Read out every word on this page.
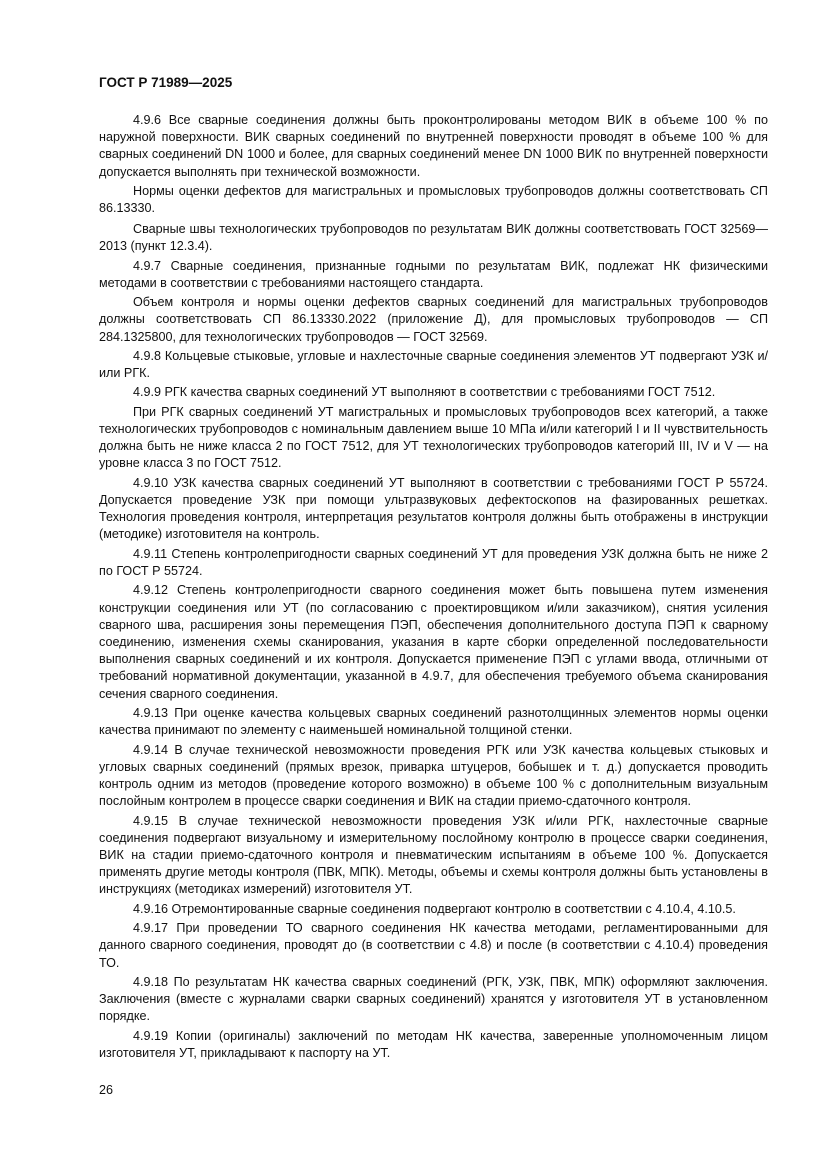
ГОСТ Р 71989—2025

4.9.6 Все сварные соединения должны быть проконтролированы методом ВИК в объеме 100 % по наружной поверхности. ВИК сварных соединений по внутренней поверхности проводят в объеме 100 % для сварных соединений DN 1000 и более, для сварных соединений менее DN 1000 ВИК по внутренней поверхности допускается выполнять при технической возможности.

Нормы оценки дефектов для магистральных и промысловых трубопроводов должны соответствовать СП 86.13330.

Сварные швы технологических трубопроводов по результатам ВИК должны соответствовать ГОСТ 32569—2013 (пункт 12.3.4).

4.9.7 Сварные соединения, признанные годными по результатам ВИК, подлежат НК физическими методами в соответствии с требованиями настоящего стандарта.

Объем контроля и нормы оценки дефектов сварных соединений для магистральных трубопроводов должны соответствовать СП 86.13330.2022 (приложение Д), для промысловых трубопроводов — СП 284.1325800, для технологических трубопроводов — ГОСТ 32569.

4.9.8 Кольцевые стыковые, угловые и нахлесточные сварные соединения элементов УТ подвергают УЗК и/или РГК.

4.9.9 РГК качества сварных соединений УТ выполняют в соответствии с требованиями ГОСТ 7512.

При РГК сварных соединений УТ магистральных и промысловых трубопроводов всех категорий, а также технологических трубопроводов с номинальным давлением выше 10 МПа и/или категорий I и II чувствительность должна быть не ниже класса 2 по ГОСТ 7512, для УТ технологических трубопроводов категорий III, IV и V — на уровне класса 3 по ГОСТ 7512.

4.9.10 УЗК качества сварных соединений УТ выполняют в соответствии с требованиями ГОСТ Р 55724. Допускается проведение УЗК при помощи ультразвуковых дефектоскопов на фазированных решетках. Технология проведения контроля, интерпретация результатов контроля должны быть отображены в инструкции (методике) изготовителя на контроль.

4.9.11 Степень контролепригодности сварных соединений УТ для проведения УЗК должна быть не ниже 2 по ГОСТ Р 55724.

4.9.12 Степень контролепригодности сварного соединения может быть повышена путем изменения конструкции соединения или УТ (по согласованию с проектировщиком и/или заказчиком), снятия усиления сварного шва, расширения зоны перемещения ПЭП, обеспечения дополнительного доступа ПЭП к сварному соединению, изменения схемы сканирования, указания в карте сборки определенной последовательности выполнения сварных соединений и их контроля. Допускается применение ПЭП с углами ввода, отличными от требований нормативной документации, указанной в 4.9.7, для обеспечения требуемого объема сканирования сечения сварного соединения.

4.9.13 При оценке качества кольцевых сварных соединений разнотолщинных элементов нормы оценки качества принимают по элементу с наименьшей номинальной толщиной стенки.

4.9.14 В случае технической невозможности проведения РГК или УЗК качества кольцевых стыковых и угловых сварных соединений (прямых врезок, приварка штуцеров, бобышек и т. д.) допускается проводить контроль одним из методов (проведение которого возможно) в объеме 100 % с дополнительным визуальным послойным контролем в процессе сварки соединения и ВИК на стадии приемо-сдаточного контроля.

4.9.15 В случае технической невозможности проведения УЗК и/или РГК, нахлесточные сварные соединения подвергают визуальному и измерительному послойному контролю в процессе сварки соединения, ВИК на стадии приемо-сдаточного контроля и пневматическим испытаниям в объеме 100 %. Допускается применять другие методы контроля (ПВК, МПК). Методы, объемы и схемы контроля должны быть установлены в инструкциях (методиках измерений) изготовителя УТ.

4.9.16 Отремонтированные сварные соединения подвергают контролю в соответствии с 4.10.4, 4.10.5.

4.9.17 При проведении ТО сварного соединения НК качества методами, регламентированными для данного сварного соединения, проводят до (в соответствии с 4.8) и после (в соответствии с 4.10.4) проведения ТО.

4.9.18 По результатам НК качества сварных соединений (РГК, УЗК, ПВК, МПК) оформляют заключения. Заключения (вместе с журналами сварки сварных соединений) хранятся у изготовителя УТ в установленном порядке.

4.9.19 Копии (оригиналы) заключений по методам НК качества, заверенные уполномоченным лицом изготовителя УТ, прикладывают к паспорту на УТ.

26
